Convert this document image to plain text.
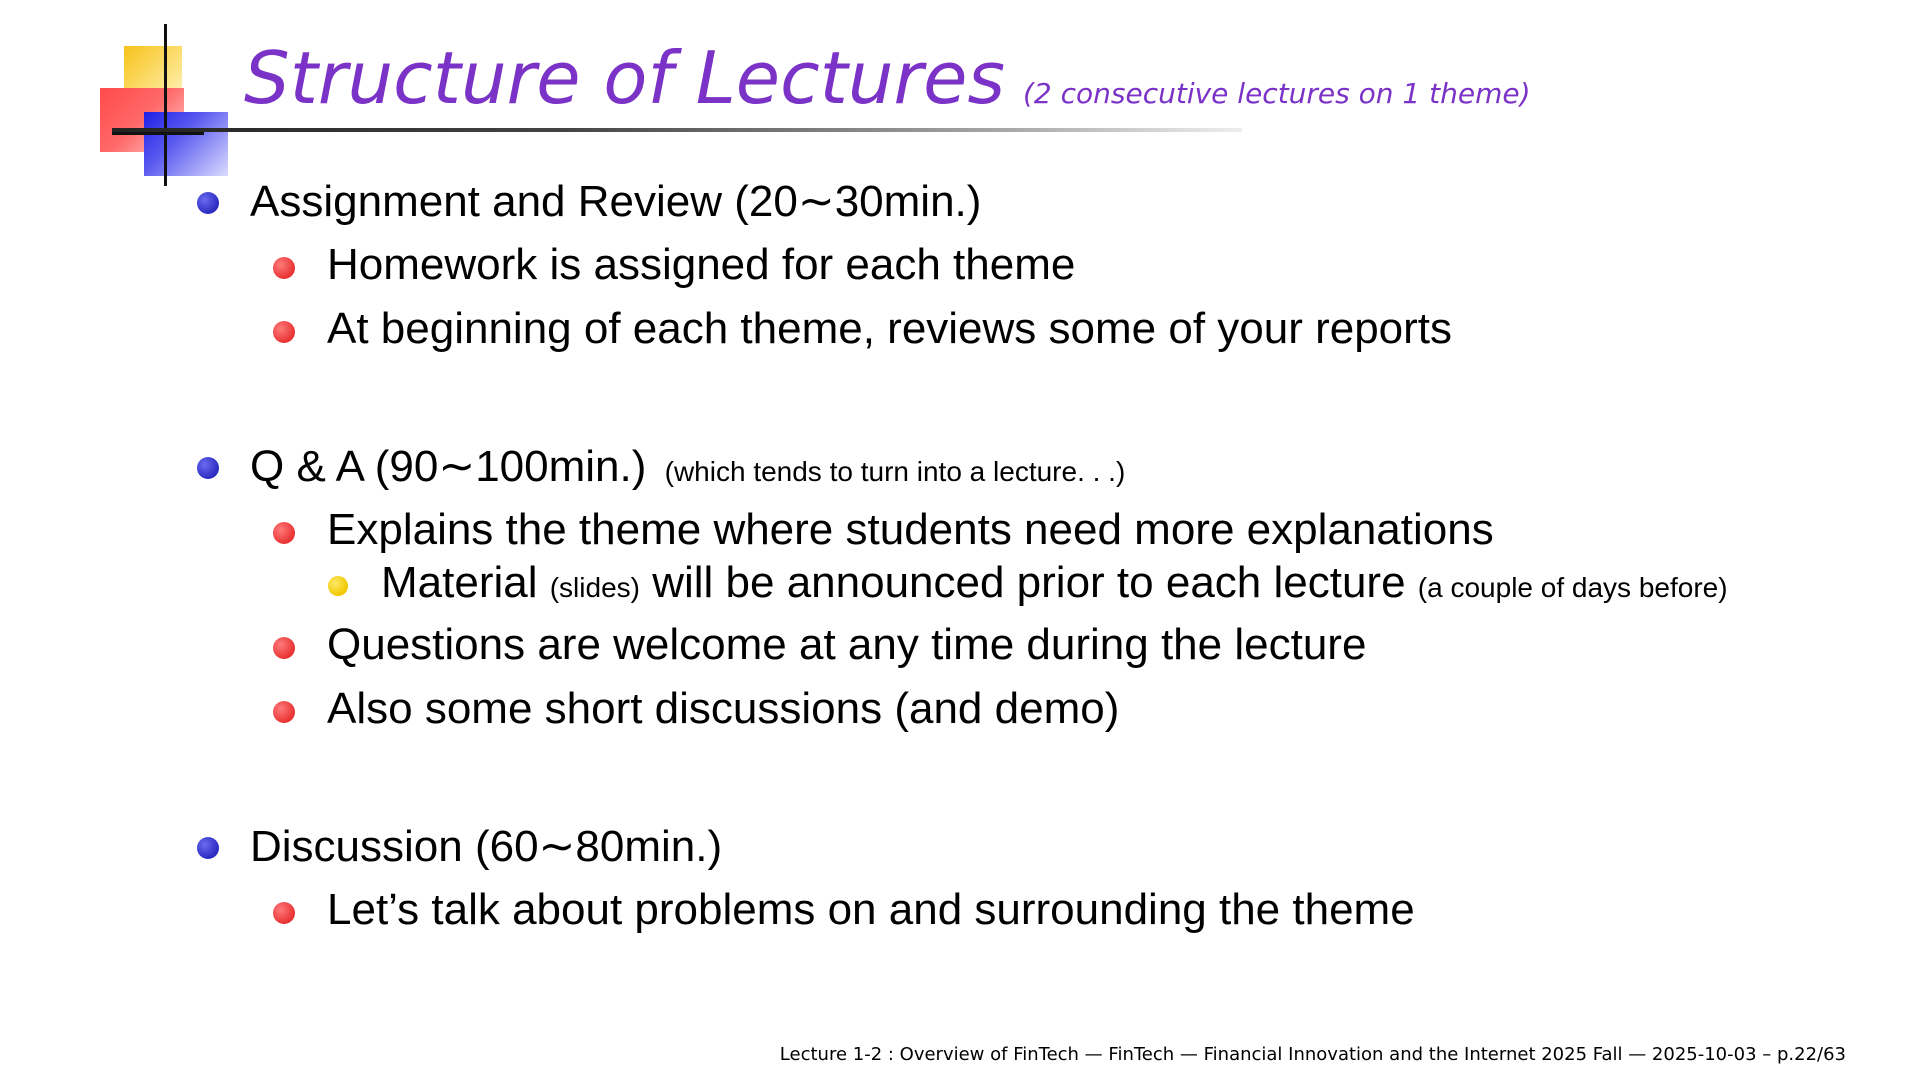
Structure of Lectures (2 consecutive lectures on 1 theme)
Assignment and Review (20∼30min.)
Homework is assigned for each theme
At beginning of each theme, reviews some of your reports
Q & A (90∼100min.) (which tends to turn into a lecture. . .)
Explains the theme where students need more explanations
Material (slides) will be announced prior to each lecture (a couple of days before)
Questions are welcome at any time during the lecture
Also some short discussions (and demo)
Discussion (60∼80min.)
Let’s talk about problems on and surrounding the theme
Lecture 1-2 : Overview of FinTech — FinTech — Financial Innovation and the Internet 2025 Fall — 2025-10-03 – p.22/63
